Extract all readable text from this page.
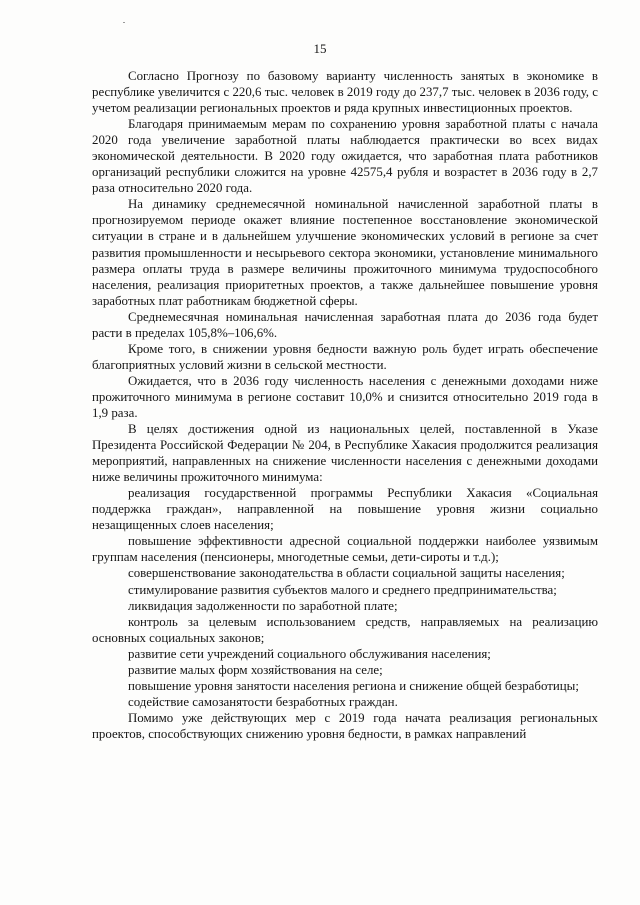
15

Согласно Прогнозу по базовому варианту численность занятых в экономике в республике увеличится с 220,6 тыс. человек в 2019 году до 237,7 тыс. человек в 2036 году, с учетом реализации региональных проектов и ряда крупных инвестиционных проектов.

Благодаря принимаемым мерам по сохранению уровня заработной платы с начала 2020 года увеличение заработной платы наблюдается практически во всех видах экономической деятельности. В 2020 году ожидается, что заработная плата работников организаций республики сложится на уровне 42575,4 рубля и возрастет в 2036 году в 2,7 раза относительно 2020 года.

На динамику среднемесячной номинальной начисленной заработной платы в прогнозируемом периоде окажет влияние постепенное восстановление экономической ситуации в стране и в дальнейшем улучшение экономических условий в регионе за счет развития промышленности и несырьевого сектора экономики, установление минимального размера оплаты труда в размере величины прожиточного минимума трудоспособного населения, реализация приоритетных проектов, а также дальнейшее повышение уровня заработных плат работникам бюджетной сферы.

Среднемесячная номинальная начисленная заработная плата до 2036 года будет расти в пределах 105,8%–106,6%.

Кроме того, в снижении уровня бедности важную роль будет играть обеспечение благоприятных условий жизни в сельской местности.

Ожидается, что в 2036 году численность населения с денежными доходами ниже прожиточного минимума в регионе составит 10,0% и снизится относительно 2019 года в 1,9 раза.

В целях достижения одной из национальных целей, поставленной в Указе Президента Российской Федерации № 204, в Республике Хакасия продолжится реализация мероприятий, направленных на снижение численности населения с денежными доходами ниже величины прожиточного минимума:

реализация государственной программы Республики Хакасия «Социальная поддержка граждан», направленной на повышение уровня жизни социально незащищенных слоев населения;

повышение эффективности адресной социальной поддержки наиболее уязвимым группам населения (пенсионеры, многодетные семьи, дети-сироты и т.д.);

совершенствование законодательства в области социальной защиты населения;

стимулирование развития субъектов малого и среднего предпринимательства;

ликвидация задолженности по заработной плате;

контроль за целевым использованием средств, направляемых на реализацию основных социальных законов;

развитие сети учреждений социального обслуживания населения;

развитие малых форм хозяйствования на селе;

повышение уровня занятости населения региона и снижение общей безработицы;

содействие самозанятости безработных граждан.

Помимо уже действующих мер с 2019 года начата реализация региональных проектов, способствующих снижению уровня бедности, в рамках направлений
